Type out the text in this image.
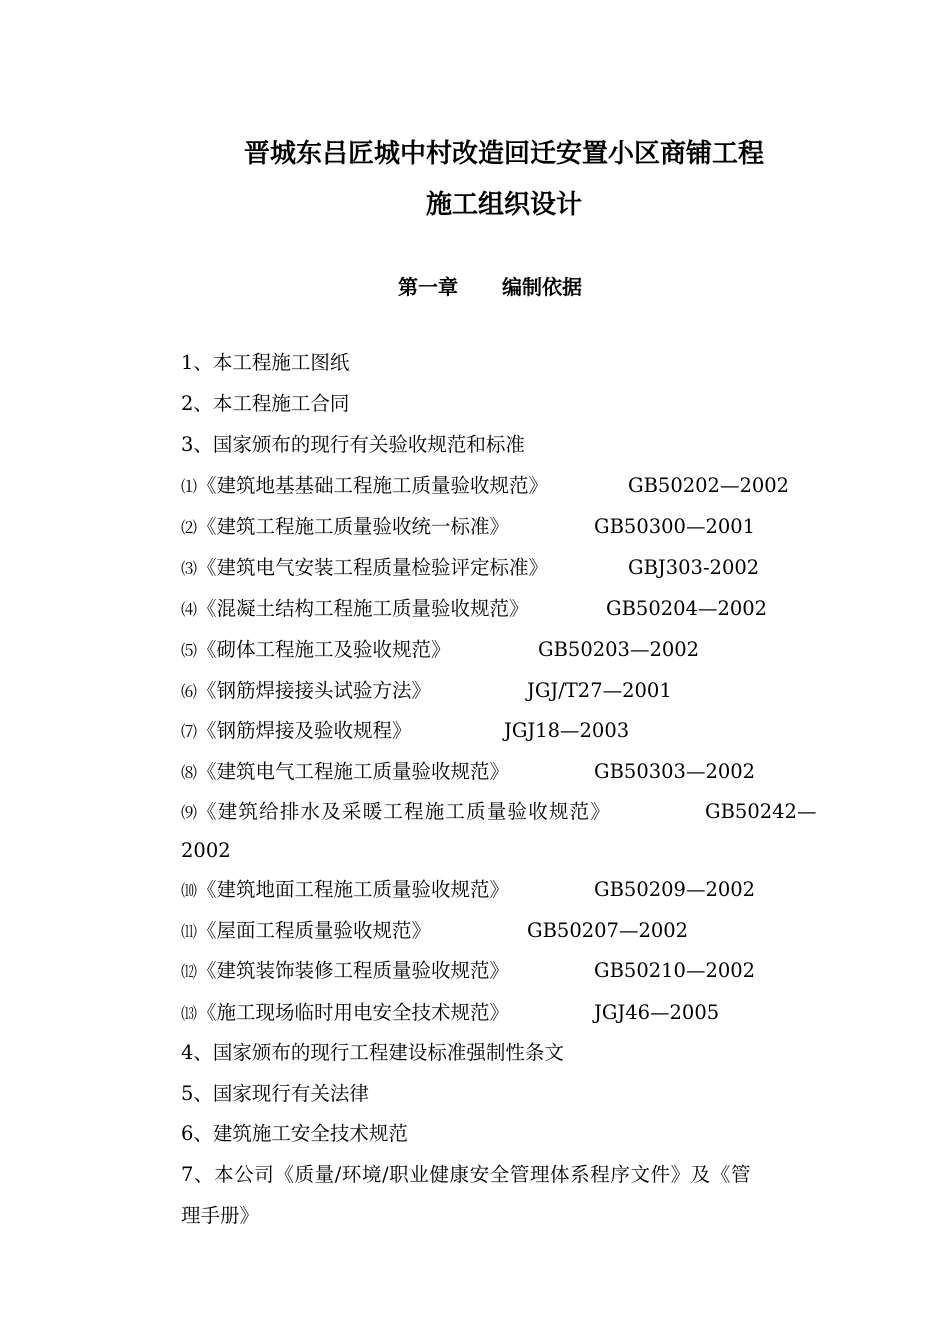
晋城东吕匠城中村改造回迁安置小区商铺工程
施工组织设计
第一章 编制依据
1、本工程施工图纸
2、本工程施工合同
3、国家颁布的现行有关验收规范和标准
⑴《建筑地基基础工程施工质量验收规范》	GB50202—2002
⑵《建筑工程施工质量验收统一标准》	GB50300—2001
⑶《建筑电气安装工程质量检验评定标准》	GBJ303-2002
⑷《混凝土结构工程施工质量验收规范》	GB50204—2002
⑸《砌体工程施工及验收规范》	GB50203—2002
⑹《钢筋焊接接头试验方法》	JGJ/T27—2001
⑺《钢筋焊接及验收规程》	JGJ18—2003
⑻《建筑电气工程施工质量验收规范》	GB50303—2002
⑼《建筑给排水及采暖工程施工质量验收规范》	GB50242—
2002
⑽《建筑地面工程施工质量验收规范》	GB50209—2002
⑾《屋面工程质量验收规范》	GB50207—2002
⑿《建筑装饰装修工程质量验收规范》	GB50210—2002
⒀《施工现场临时用电安全技术规范》	JGJ46—2005
4、国家颁布的现行工程建设标准强制性条文
5、国家现行有关法律
6、建筑施工安全技术规范
7、本公司《质量/环境/职业健康安全管理体系程序文件》及《管
理手册》
